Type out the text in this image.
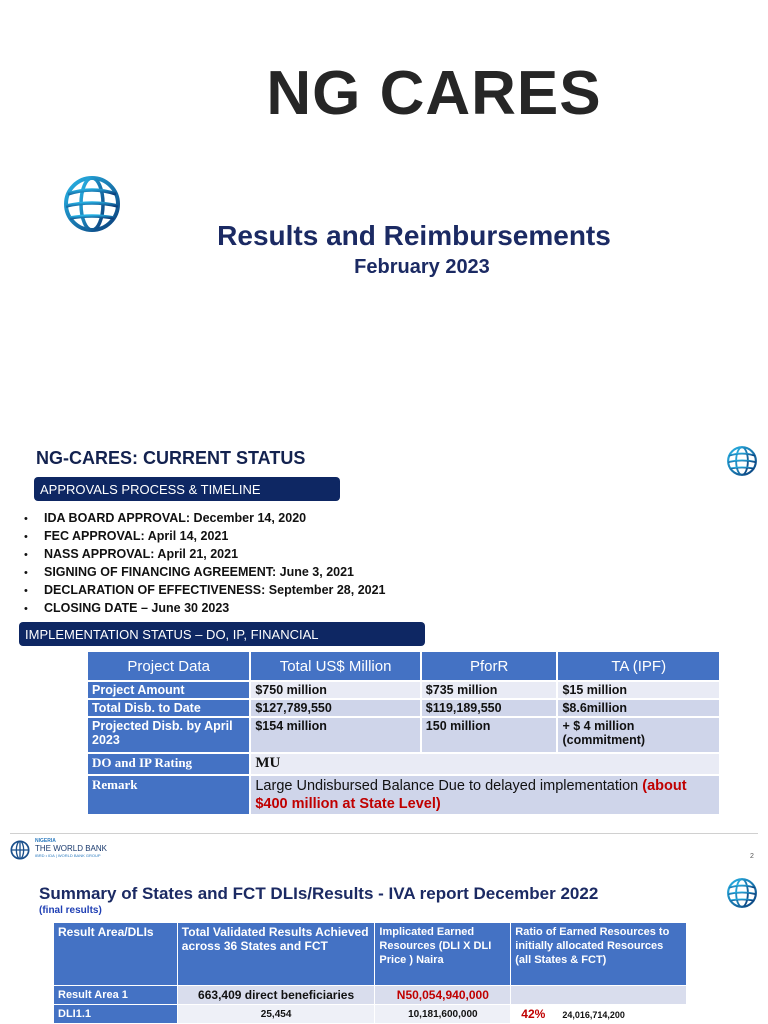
NG CARES
Results and Reimbursements
February 2023
NG-CARES: CURRENT STATUS
APPROVALS PROCESS & TIMELINE
• IDA BOARD APPROVAL: December 14, 2020
• FEC APPROVAL: April 14, 2021
• NASS APPROVAL: April 21, 2021
• SIGNING OF FINANCING AGREEMENT: June 3, 2021
• DECLARATION OF EFFECTIVENESS: September 28, 2021
• CLOSING DATE – June 30 2023
IMPLEMENTATION STATUS – DO, IP, FINANCIAL
Project Data	Total US$ Million	PforR	TA (IPF)
Project Amount	$750 million	$735 million	$15 million
Total Disb. to Date	$127,789,550	$119,189,550	$8.6million
Projected Disb. by April 2023	$154 million	150 million	+ $ 4 million (commitment)
DO and IP Rating	MU		
Remark	Large Undisbursed Balance Due to delayed implementation (about $400 million at State Level)		
NIGERIA
THE WORLD BANK
IBRD • IDA | WORLD BANK GROUP	2
Summary of States and FCT DLIs/Results - IVA report December 2022
(final results)
Result Area/DLIs	Total Validated Results Achieved across 36 States and FCT	Implicated Earned Resources (DLI X DLI Price ) Naira	Ratio of Earned Resources to initially allocated Resources (all States & FCT)
Result Area 1	663,409 direct beneficiaries	N50,054,940,000	
DLI1.1	25,454	10,181,600,000	42% 24,016,714,200
